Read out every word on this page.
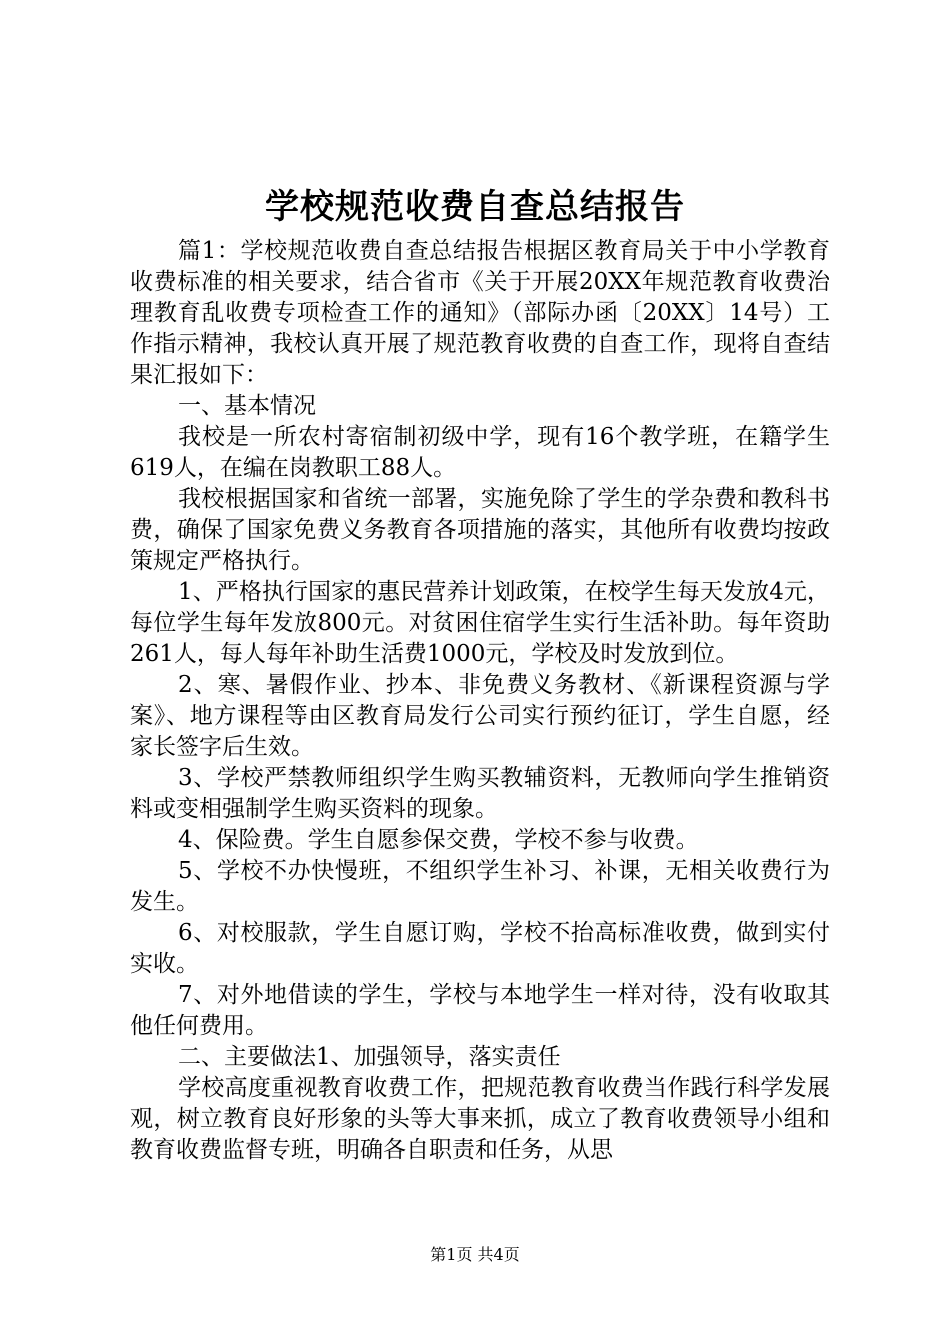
学校规范收费自查总结报告

篇1：学校规范收费自查总结报告根据区教育局关于中小学教育收费标准的相关要求，结合省市《关于开展20XX年规范教育收费治理教育乱收费专项检查工作的通知》（部际办函〔20XX〕14号）工作指示精神，我校认真开展了规范教育收费的自查工作，现将自查结果汇报如下：

一、基本情况

我校是一所农村寄宿制初级中学，现有16个教学班，在籍学生619人，在编在岗教职工88人。

我校根据国家和省统一部署，实施免除了学生的学杂费和教科书费，确保了国家免费义务教育各项措施的落实，其他所有收费均按政策规定严格执行。

1、严格执行国家的惠民营养计划政策，在校学生每天发放4元，每位学生每年发放800元。对贫困住宿学生实行生活补助。每年资助261人，每人每年补助生活费1000元，学校及时发放到位。

2、寒、暑假作业、抄本、非免费义务教材、《新课程资源与学案》、地方课程等由区教育局发行公司实行预约征订，学生自愿，经家长签字后生效。

3、学校严禁教师组织学生购买教辅资料，无教师向学生推销资料或变相强制学生购买资料的现象。

4、保险费。学生自愿参保交费，学校不参与收费。

5、学校不办快慢班，不组织学生补习、补课，无相关收费行为发生。

6、对校服款，学生自愿订购，学校不抬高标准收费，做到实付实收。

7、对外地借读的学生，学校与本地学生一样对待，没有收取其他任何费用。

二、主要做法1、加强领导，落实责任

学校高度重视教育收费工作，把规范教育收费当作践行科学发展观，树立教育良好形象的头等大事来抓，成立了教育收费领导小组和教育收费监督专班，明确各自职责和任务，从思

第1页 共4页
